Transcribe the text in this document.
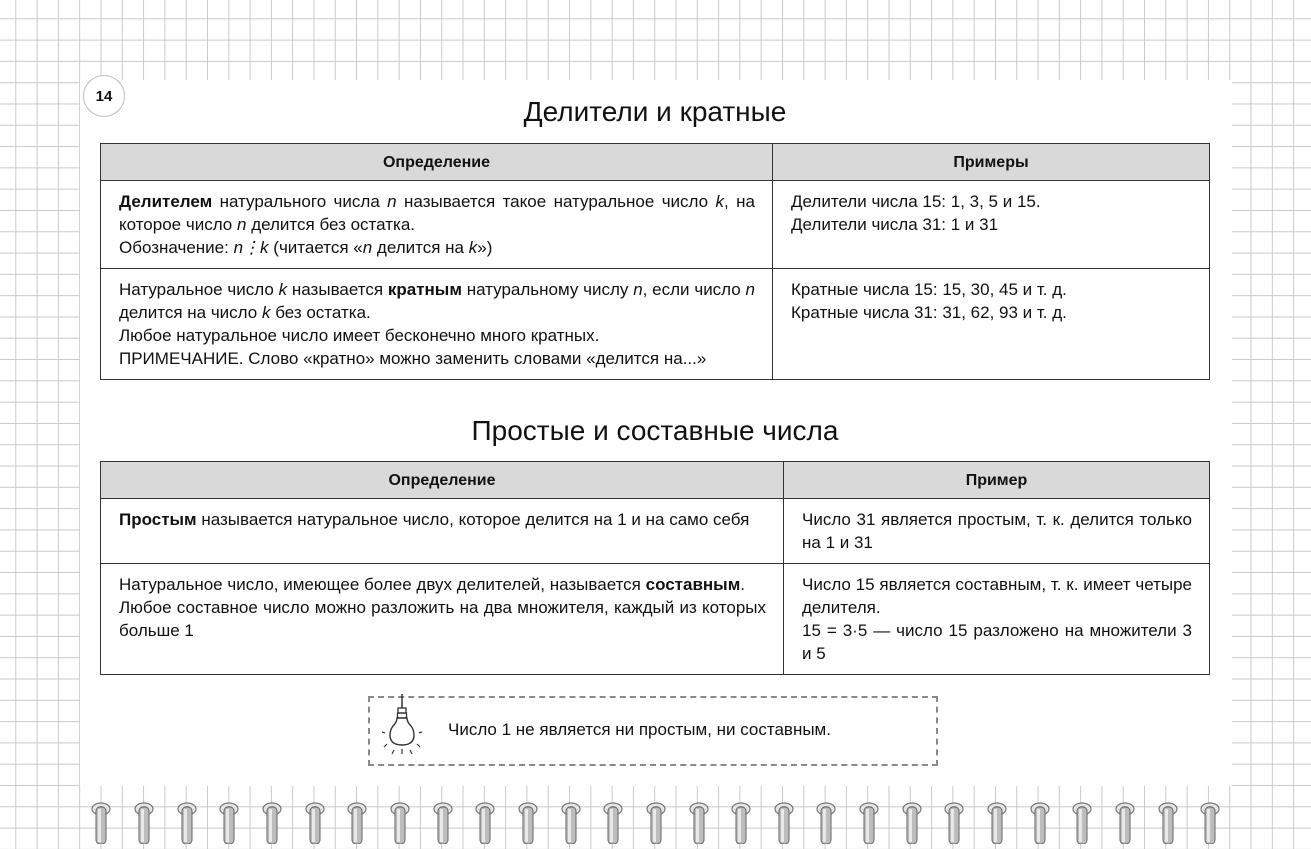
14	Делители и кратные
Определение	Примеры
Делителем натурального числа n называется такое натуральное число k, на которое число n делится без остатка.
Обозначение: n⋮k (читается «n делится на k»)	Делители числа 15: 1, 3, 5 и 15.
Делители числа 31: 1 и 31

Натуральное число k называется кратным натуральному числу n, если число n делится на число k без остатка.
Любое натуральное число имеет бесконечно много кратных.
ПРИМЕЧАНИЕ. Слово «кратно» можно заменить словами «делится на...»	Кратные числа 15: 15, 30, 45 и т. д.
Кратные числа 31: 31, 62, 93 и т. д.
Простые и составные числа
Определение	Пример
Простым называется натуральное число, которое делится на 1 и на само себя	Число 31 является простым, т. к. делится только на 1 и 31
Натуральное число, имеющее более двух делителей, называется составным.
Любое составное число можно разложить на два множителя, каждый из которых больше 1	Число 15 является составным, т. к. имеет четыре делителя.
15 = 3·5 — число 15 разложено на множители 3 и 5
Число 1 не является ни простым, ни составным.
